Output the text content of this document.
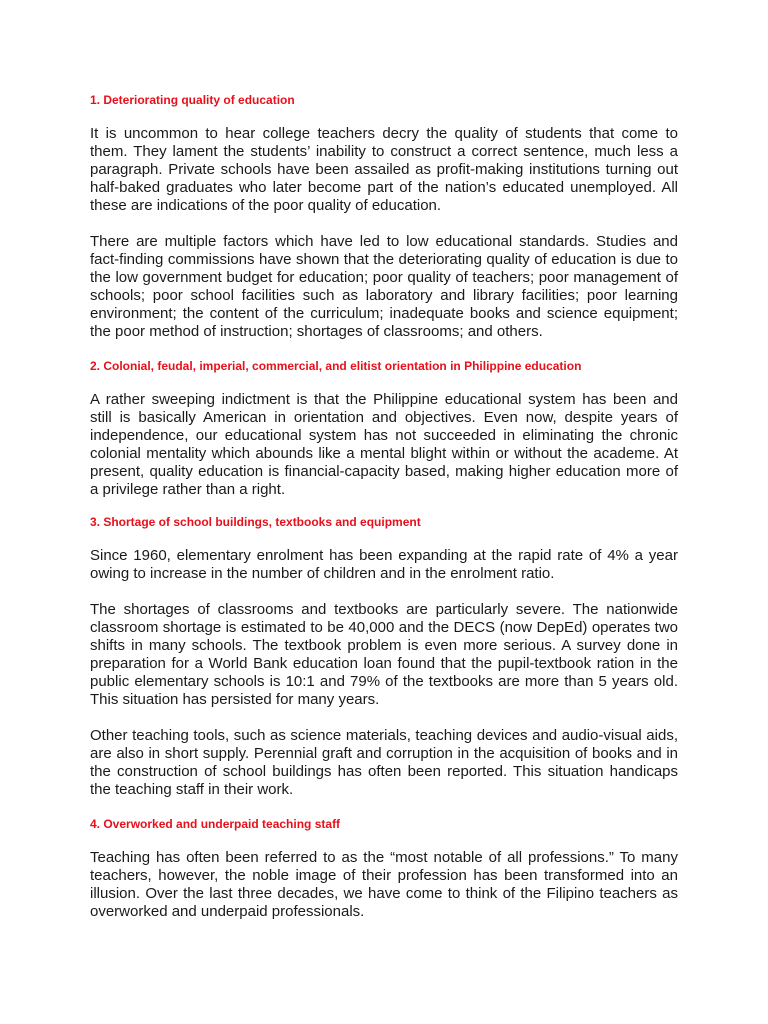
1. Deteriorating quality of education
It is uncommon to hear college teachers decry the quality of students that come to
them. They lament the students’ inability to construct a correct sentence, much less a
paragraph. Private schools have been assailed as profit-making institutions turning out
half-baked graduates who later become part of the nation’s educated unemployed. All
these are indications of the poor quality of education.
There are multiple factors which have led to low educational standards. Studies and
fact-finding commissions have shown that the deteriorating quality of education is due to
the low government budget for education; poor quality of teachers; poor management of
schools; poor school facilities such as laboratory and library facilities; poor learning
environment; the content of the curriculum; inadequate books and science equipment;
the poor method of instruction; shortages of classrooms; and others.
2. Colonial, feudal, imperial, commercial, and elitist orientation in Philippine education
A rather sweeping indictment is that the Philippine educational system has been and
still is basically American in orientation and objectives. Even now, despite years of
independence, our educational system has not succeeded in eliminating the chronic
colonial mentality which abounds like a mental blight within or without the academe. At
present, quality education is financial-capacity based, making higher education more of
a privilege rather than a right.
3. Shortage of school buildings, textbooks and equipment
Since 1960, elementary enrolment has been expanding at the rapid rate of 4% a year
owing to increase in the number of children and in the enrolment ratio.
The shortages of classrooms and textbooks are particularly severe. The nationwide
classroom shortage is estimated to be 40,000 and the DECS (now DepEd) operates two
shifts in many schools. The textbook problem is even more serious. A survey done in
preparation for a World Bank education loan found that the pupil-textbook ration in the
public elementary schools is 10:1 and 79% of the textbooks are more than 5 years old.
This situation has persisted for many years.
Other teaching tools, such as science materials, teaching devices and audio-visual aids,
are also in short supply. Perennial graft and corruption in the acquisition of books and in
the construction of school buildings has often been reported. This situation handicaps
the teaching staff in their work.
4. Overworked and underpaid teaching staff
Teaching has often been referred to as the “most notable of all professions.” To many
teachers, however, the noble image of their profession has been transformed into an
illusion. Over the last three decades, we have come to think of the Filipino teachers as
overworked and underpaid professionals.
